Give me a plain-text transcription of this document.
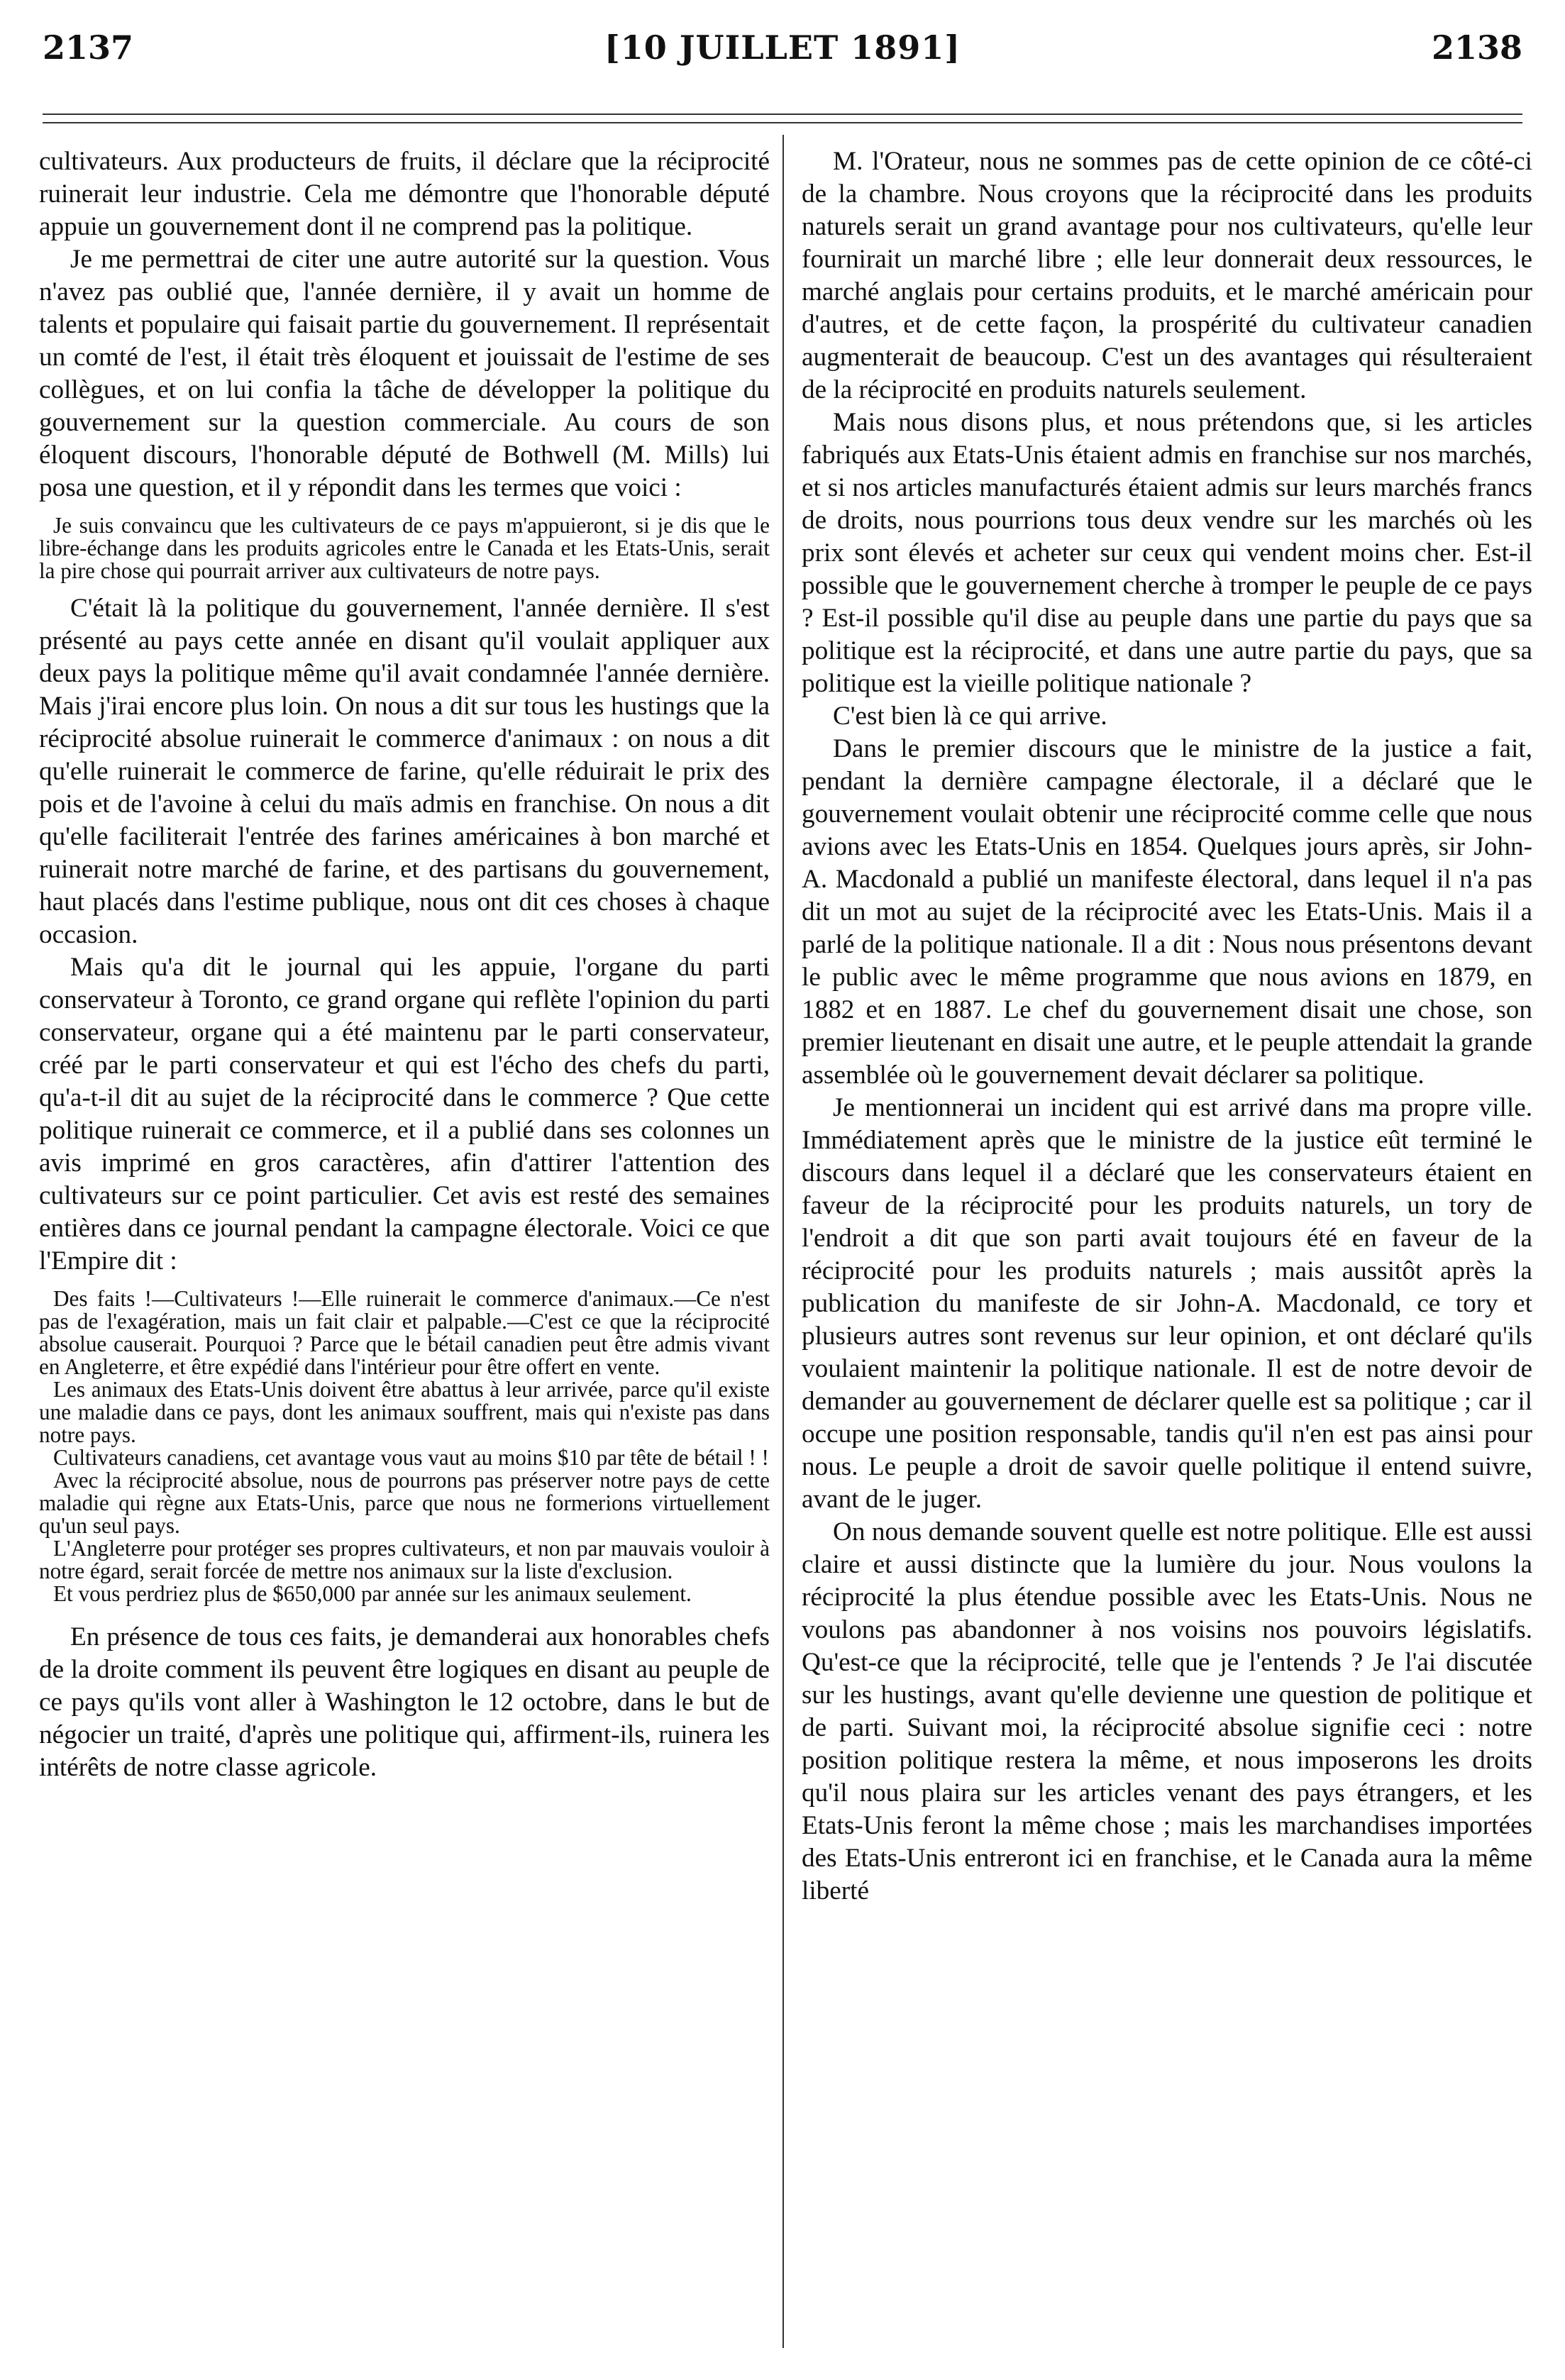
2137	[10 JUILLET 1891]	2138

cultivateurs. Aux producteurs de fruits, il déclare que la réciprocité ruinerait leur industrie. Cela me démontre que l'honorable député appuie un gouvernement dont il ne comprend pas la politique.

Je me permettrai de citer une autre autorité sur la question. Vous n'avez pas oublié que, l'année dernière, il y avait un homme de talents et populaire qui faisait partie du gouvernement. Il représentait un comté de l'est, il était très éloquent et jouissait de l'estime de ses collègues, et on lui confia la tâche de développer la politique du gouvernement sur la question commerciale. Au cours de son éloquent discours, l'honorable député de Bothwell (M. Mills) lui posa une question, et il y répondit dans les termes que voici :

Je suis convaincu que les cultivateurs de ce pays m'appuieront, si je dis que le libre-échange dans les produits agricoles entre le Canada et les Etats-Unis, serait la pire chose qui pourrait arriver aux cultivateurs de notre pays.

C'était là la politique du gouvernement, l'année dernière. Il s'est présenté au pays cette année en disant qu'il voulait appliquer aux deux pays la politique même qu'il avait condamnée l'année dernière. Mais j'irai encore plus loin. On nous a dit sur tous les hustings que la réciprocité absolue ruinerait le commerce d'animaux : on nous a dit qu'elle ruinerait le commerce de farine, qu'elle réduirait le prix des pois et de l'avoine à celui du maïs admis en franchise. On nous a dit qu'elle faciliterait l'entrée des farines américaines à bon marché et ruinerait notre marché de farine, et des partisans du gouvernement, haut placés dans l'estime publique, nous ont dit ces choses à chaque occasion.

Mais qu'a dit le journal qui les appuie, l'organe du parti conservateur à Toronto, ce grand organe qui reflète l'opinion du parti conservateur, organe qui a été maintenu par le parti conservateur, créé par le parti conservateur et qui est l'écho des chefs du parti, qu'a-t-il dit au sujet de la réciprocité dans le commerce ? Que cette politique ruinerait ce commerce, et il a publié dans ses colonnes un avis imprimé en gros caractères, afin d'attirer l'attention des cultivateurs sur ce point particulier. Cet avis est resté des semaines entières dans ce journal pendant la campagne électorale. Voici ce que l'Empire dit :

Des faits !—Cultivateurs !—Elle ruinerait le commerce d'animaux.—Ce n'est pas de l'exagération, mais un fait clair et palpable.—C'est ce que la réciprocité absolue causerait. Pourquoi ? Parce que le bétail canadien peut être admis vivant en Angleterre, et être expédié dans l'intérieur pour être offert en vente.

Les animaux des Etats-Unis doivent être abattus à leur arrivée, parce qu'il existe une maladie dans ce pays, dont les animaux souffrent, mais qui n'existe pas dans notre pays.

Cultivateurs canadiens, cet avantage vous vaut au moins $10 par tête de bétail ! !

Avec la réciprocité absolue, nous de pourrons pas préserver notre pays de cette maladie qui règne aux Etats-Unis, parce que nous ne formerions virtuellement qu'un seul pays.

L'Angleterre pour protéger ses propres cultivateurs, et non par mauvais vouloir à notre égard, serait forcée de mettre nos animaux sur la liste d'exclusion.

Et vous perdriez plus de $650,000 par année sur les animaux seulement.

En présence de tous ces faits, je demanderai aux honorables chefs de la droite comment ils peuvent être logiques en disant au peuple de ce pays qu'ils vont aller à Washington le 12 octobre, dans le but de négocier un traité, d'après une politique qui, affirment-ils, ruinera les intérêts de notre classe agricole.

M. l'Orateur, nous ne sommes pas de cette opinion de ce côté-ci de la chambre. Nous croyons que la réciprocité dans les produits naturels serait un grand avantage pour nos cultivateurs, qu'elle leur fournirait un marché libre ; elle leur donnerait deux ressources, le marché anglais pour certains produits, et le marché américain pour d'autres, et de cette façon, la prospérité du cultivateur canadien augmenterait de beaucoup. C'est un des avantages qui résulteraient de la réciprocité en produits naturels seulement.

Mais nous disons plus, et nous prétendons que, si les articles fabriqués aux Etats-Unis étaient admis en franchise sur nos marchés, et si nos articles manufacturés étaient admis sur leurs marchés francs de droits, nous pourrions tous deux vendre sur les marchés où les prix sont élevés et acheter sur ceux qui vendent moins cher. Est-il possible que le gouvernement cherche à tromper le peuple de ce pays ? Est-il possible qu'il dise au peuple dans une partie du pays que sa politique est la réciprocité, et dans une autre partie du pays, que sa politique est la vieille politique nationale ?

C'est bien là ce qui arrive.

Dans le premier discours que le ministre de la justice a fait, pendant la dernière campagne électorale, il a déclaré que le gouvernement voulait obtenir une réciprocité comme celle que nous avions avec les Etats-Unis en 1854. Quelques jours après, sir John-A. Macdonald a publié un manifeste électoral, dans lequel il n'a pas dit un mot au sujet de la réciprocité avec les Etats-Unis. Mais il a parlé de la politique nationale. Il a dit : Nous nous présentons devant le public avec le même programme que nous avions en 1879, en 1882 et en 1887. Le chef du gouvernement disait une chose, son premier lieutenant en disait une autre, et le peuple attendait la grande assemblée où le gouvernement devait déclarer sa politique.

Je mentionnerai un incident qui est arrivé dans ma propre ville. Immédiatement après que le ministre de la justice eût terminé le discours dans lequel il a déclaré que les conservateurs étaient en faveur de la réciprocité pour les produits naturels, un tory de l'endroit a dit que son parti avait toujours été en faveur de la réciprocité pour les produits naturels ; mais aussitôt après la publication du manifeste de sir John-A. Macdonald, ce tory et plusieurs autres sont revenus sur leur opinion, et ont déclaré qu'ils voulaient maintenir la politique nationale. Il est de notre devoir de demander au gouvernement de déclarer quelle est sa politique ; car il occupe une position responsable, tandis qu'il n'en est pas ainsi pour nous. Le peuple a droit de savoir quelle politique il entend suivre, avant de le juger.

On nous demande souvent quelle est notre politique. Elle est aussi claire et aussi distincte que la lumière du jour. Nous voulons la réciprocité la plus étendue possible avec les Etats-Unis. Nous ne voulons pas abandonner à nos voisins nos pouvoirs législatifs. Qu'est-ce que la réciprocité, telle que je l'entends ? Je l'ai discutée sur les hustings, avant qu'elle devienne une question de politique et de parti. Suivant moi, la réciprocité absolue signifie ceci : notre position politique restera la même, et nous imposerons les droits qu'il nous plaira sur les articles venant des pays étrangers, et les Etats-Unis feront la même chose ; mais les marchandises importées des Etats-Unis entreront ici en franchise, et le Canada aura la même liberté
